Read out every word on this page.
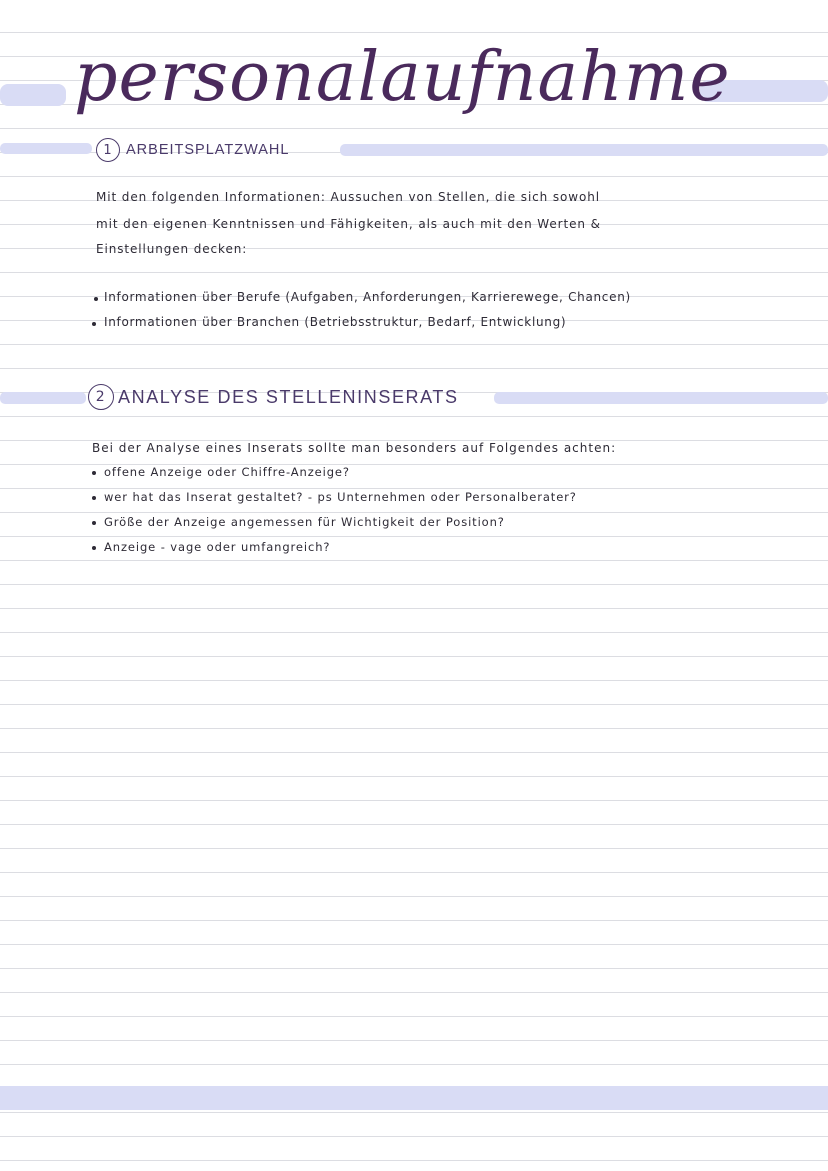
personalaufnahme
1 ARBEITSPLATZWAHL

Mit den folgenden Informationen: Aussuchen von Stellen, die sich sowohl

mit den eigenen Kenntnissen und Fähigkeiten, als auch mit den Werten &

Einstellungen decken:

Informationen über Berufe (Aufgaben, Anforderungen, Karrierewege, Chancen)

Informationen über Branchen (Betriebsstruktur, Bedarf, Entwicklung)

2 ANALYSE DES STELLENINSERATS

Bei der Analyse eines Inserats sollte man besonders auf Folgendes achten:

offene Anzeige oder Chiffre-Anzeige?

wer hat das Inserat gestaltet? - ps Unternehmen oder Personalberater?

Größe der Anzeige angemessen für Wichtigkeit der Position?

Anzeige - vage oder umfangreich?
